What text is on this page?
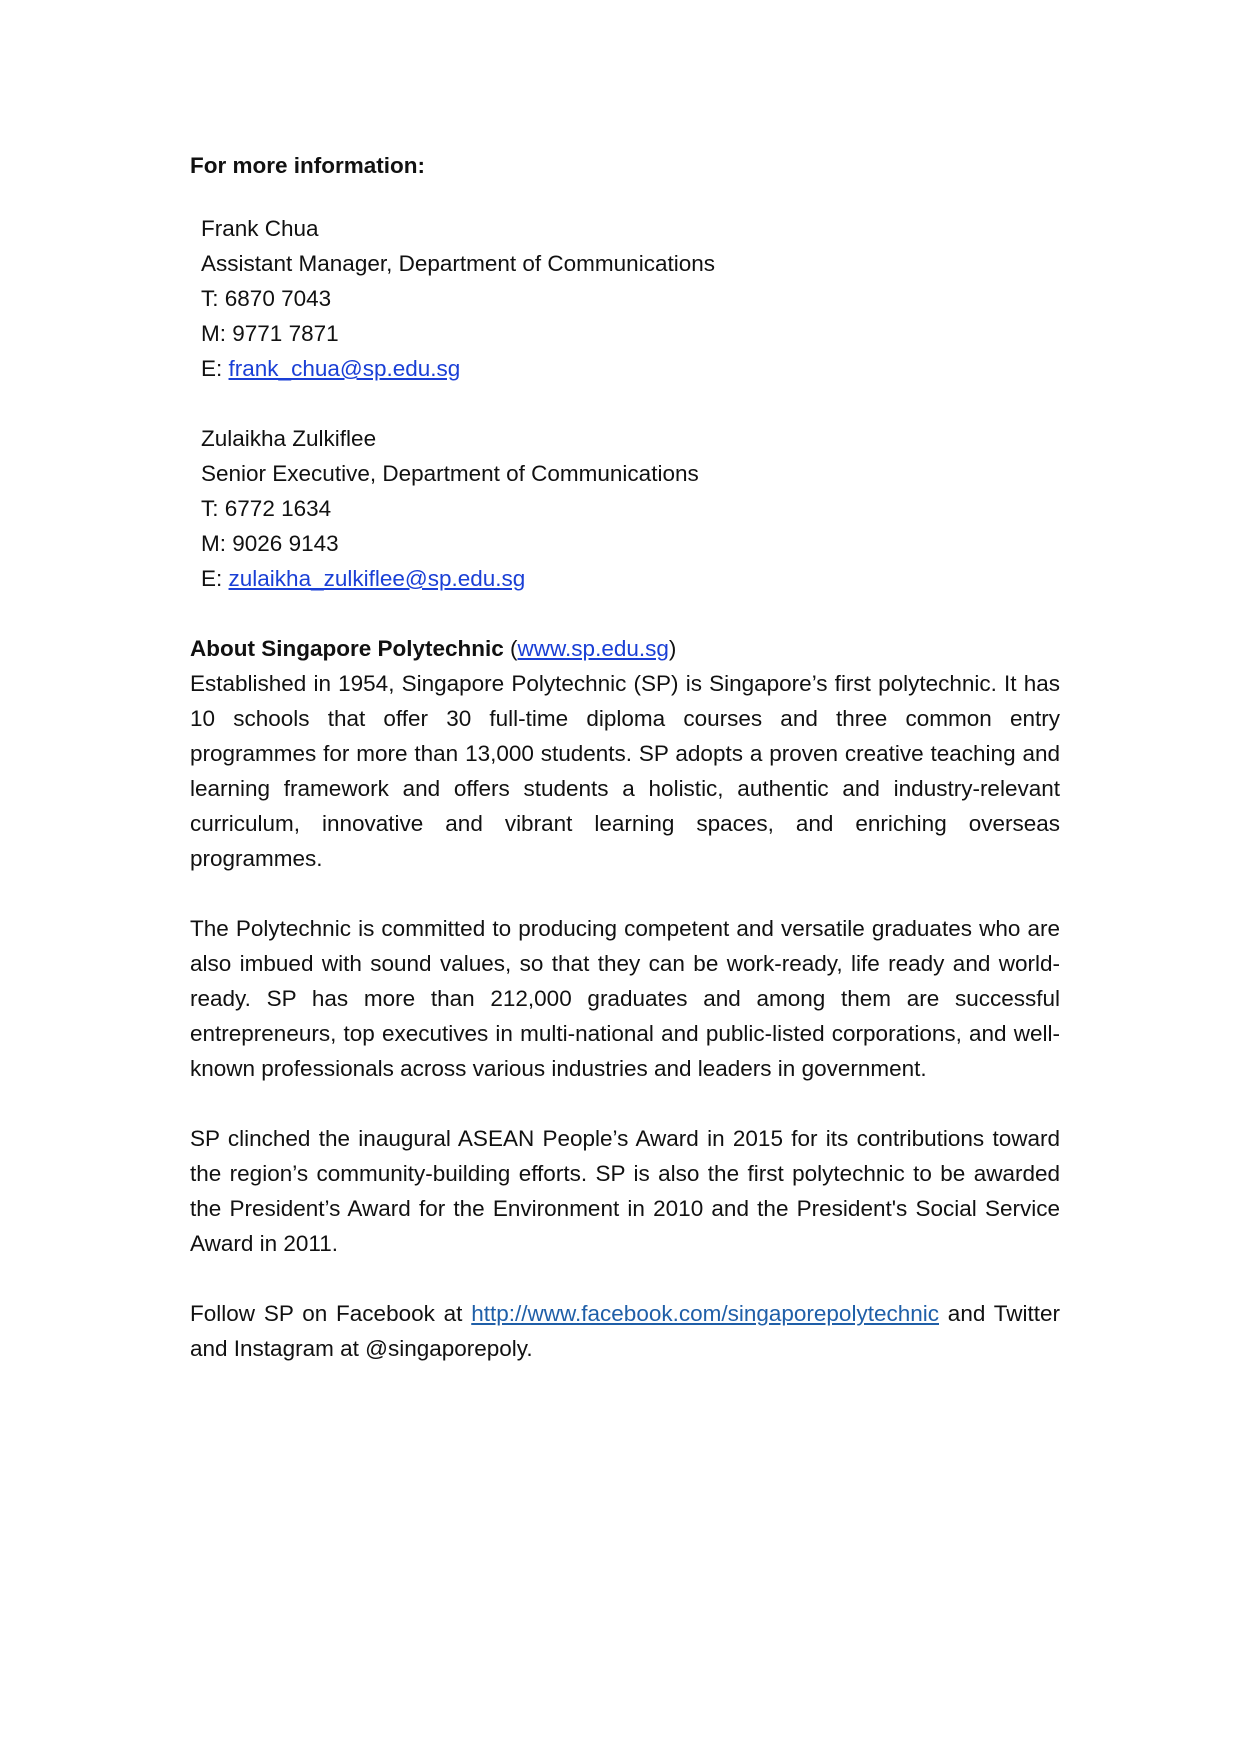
For more information:

Frank Chua
Assistant Manager, Department of Communications
T: 6870 7043
M: 9771 7871
E: frank_chua@sp.edu.sg
Zulaikha Zulkiflee
Senior Executive, Department of Communications
T: 6772 1634
M: 9026 9143
E: zulaikha_zulkiflee@sp.edu.sg
About Singapore Polytechnic (www.sp.edu.sg)

Established in 1954, Singapore Polytechnic (SP) is Singapore’s first polytechnic. It has 10 schools that offer 30 full-time diploma courses and three common entry programmes for more than 13,000 students. SP adopts a proven creative teaching and learning framework and offers students a holistic, authentic and industry-relevant curriculum, innovative and vibrant learning spaces, and enriching overseas programmes.

The Polytechnic is committed to producing competent and versatile graduates who are also imbued with sound values, so that they can be work-ready, life ready and world-ready. SP has more than 212,000 graduates and among them are successful entrepreneurs, top executives in multi-national and public-listed corporations, and well-known professionals across various industries and leaders in government.

SP clinched the inaugural ASEAN People’s Award in 2015 for its contributions toward the region’s community-building efforts. SP is also the first polytechnic to be awarded the President’s Award for the Environment in 2010 and the President's Social Service Award in 2011.

Follow SP on Facebook at http://www.facebook.com/singaporepolytechnic and Twitter and Instagram at @singaporepoly.
